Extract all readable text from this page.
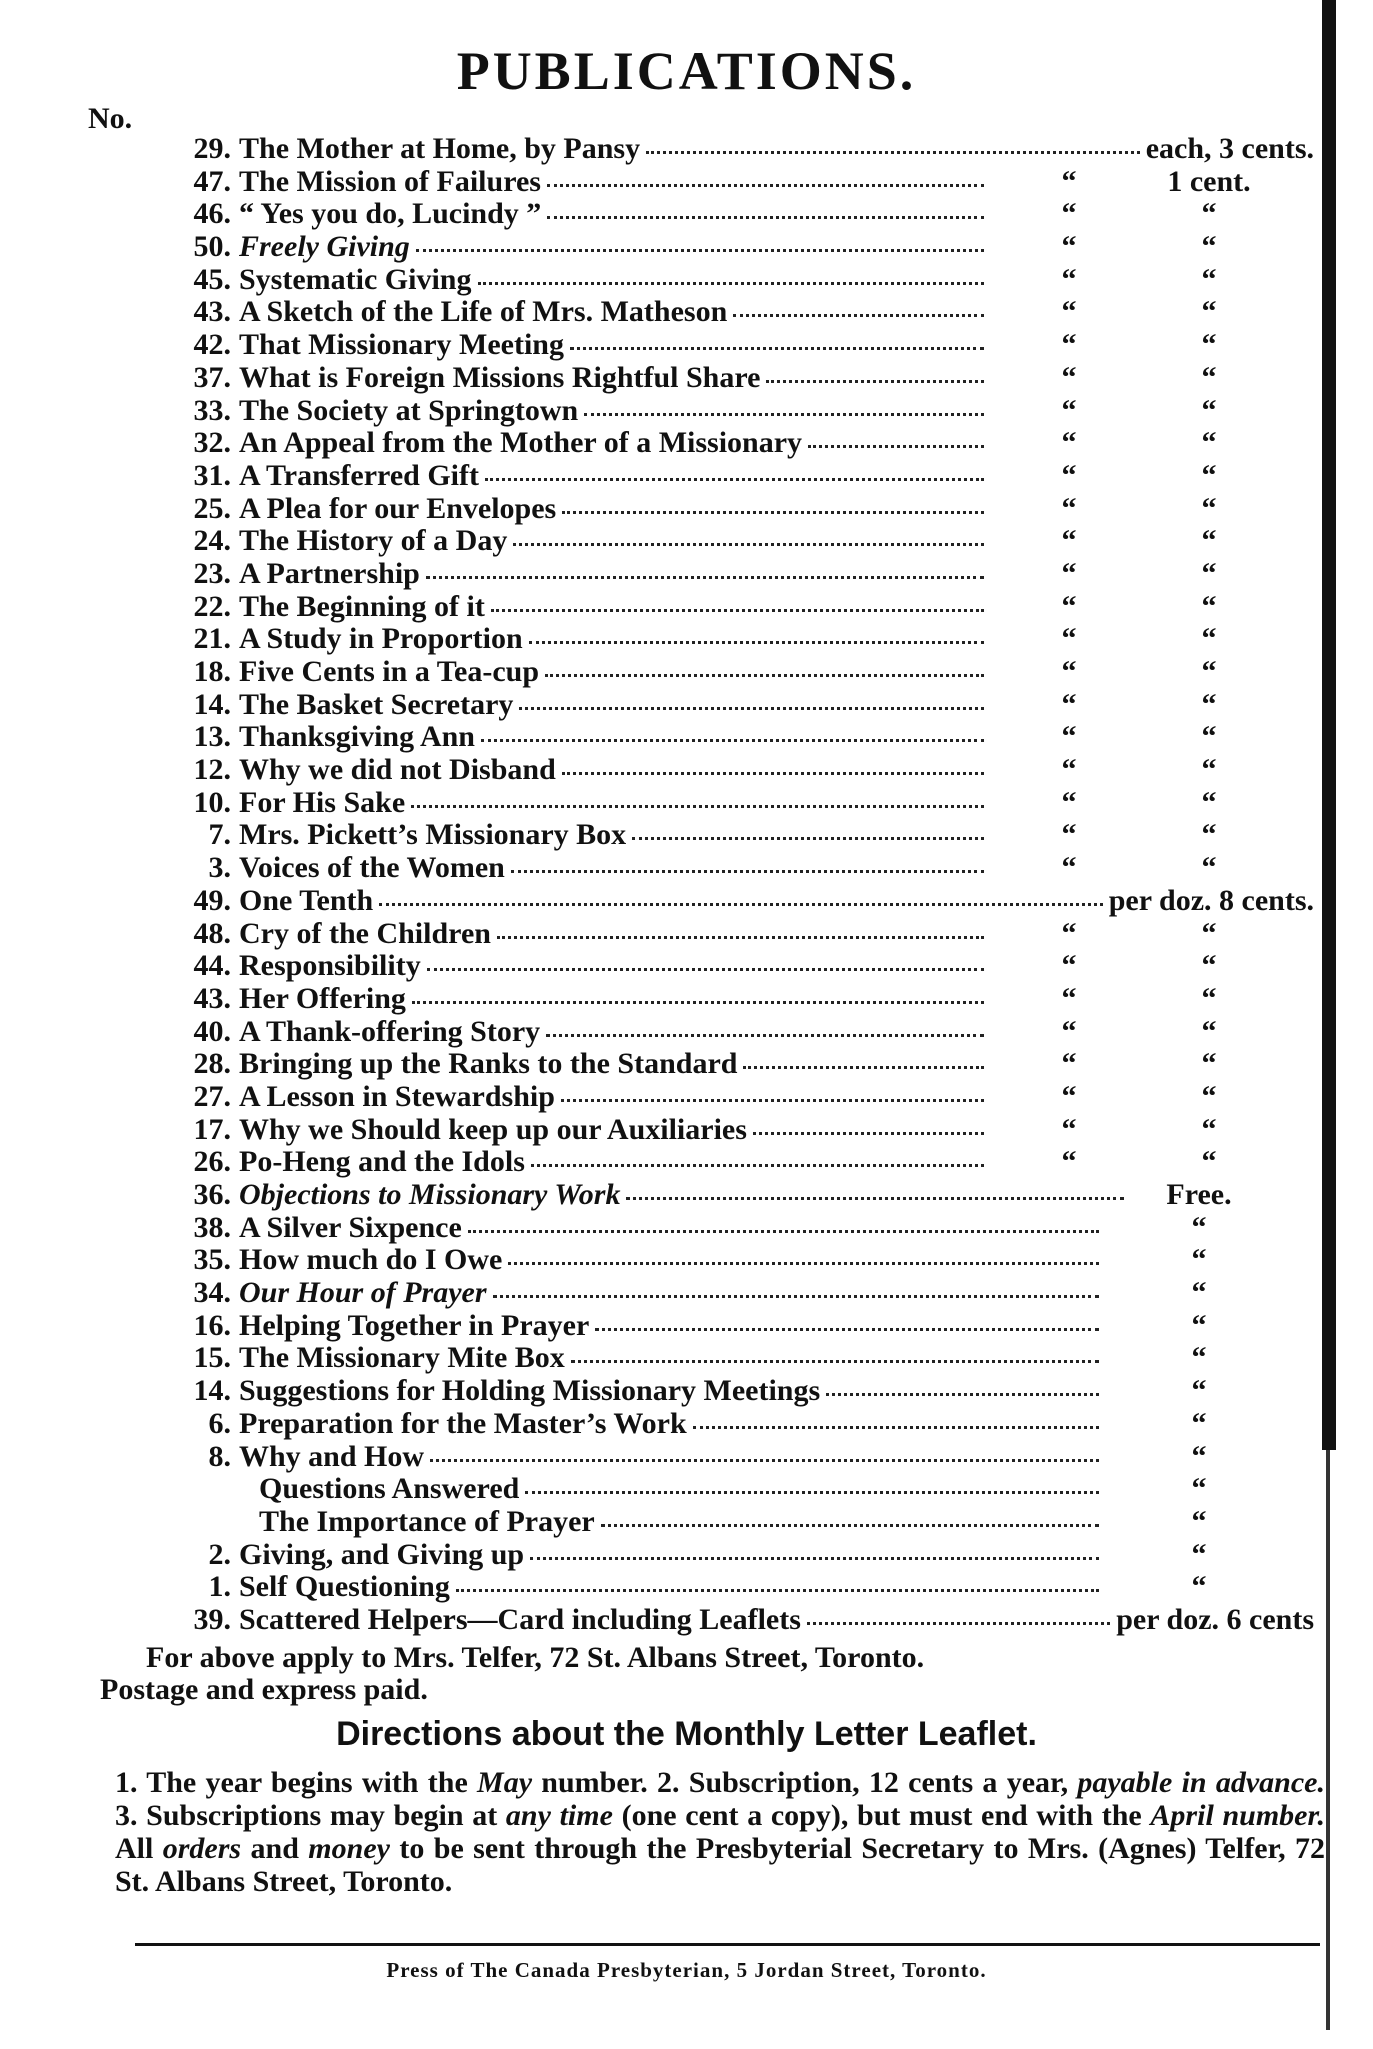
PUBLICATIONS.
No.
29. The Mother at Home, by Pansy	each, 3 cents.
47. The Mission of Failures	“	1 cent.
46. “ Yes you do, Lucindy ”	“	“
50. Freely Giving	“	“
45. Systematic Giving	“	“
43. A Sketch of the Life of Mrs. Matheson	“	“
42. That Missionary Meeting	“	“
37. What is Foreign Missions Rightful Share	“	“
33. The Society at Springtown	“	“
32. An Appeal from the Mother of a Missionary	“	“
31. A Transferred Gift	“	“
25. A Plea for our Envelopes	“	“
24. The History of a Day	“	“
23. A Partnership	“	“
22. The Beginning of it	“	“
21. A Study in Proportion	“	“
18. Five Cents in a Tea-cup	“	“
14. The Basket Secretary	“	“
13. Thanksgiving Ann	“	“
12. Why we did not Disband	“	“
10. For His Sake	“	“
7. Mrs. Pickett’s Missionary Box	“	“
3. Voices of the Women	“	“
49. One Tenth	per doz. 8 cents.
48. Cry of the Children	“	“
44. Responsibility	“	“
43. Her Offering	“	“
40. A Thank-offering Story	“	“
28. Bringing up the Ranks to the Standard	“	“
27. A Lesson in Stewardship	“	“
17. Why we Should keep up our Auxiliaries	“	“
26. Po-Heng and the Idols	“	“
36. Objections to Missionary Work	Free.
38. A Silver Sixpence	“
35. How much do I Owe	“
34. Our Hour of Prayer	“
16. Helping Together in Prayer	“
15. The Missionary Mite Box	“
14. Suggestions for Holding Missionary Meetings	“
6. Preparation for the Master’s Work	“
8. Why and How	“
Questions Answered	“
The Importance of Prayer	“
2. Giving, and Giving up	“
1. Self Questioning	“
39. Scattered Helpers—Card including Leaflets	per doz. 6 cents
For above apply to Mrs. Telfer, 72 St. Albans Street, Toronto.
Postage and express paid.
Directions about the Monthly Letter Leaflet.
1. The year begins with the May number. 2. Subscription, 12 cents a year, payable in advance. 3. Subscriptions may begin at any time (one cent a copy), but must end with the April number. All orders and money to be sent through the Presbyterial Secretary to Mrs. (Agnes) Telfer, 72 St. Albans Street, Toronto.
Press of The Canada Presbyterian, 5 Jordan Street, Toronto.
